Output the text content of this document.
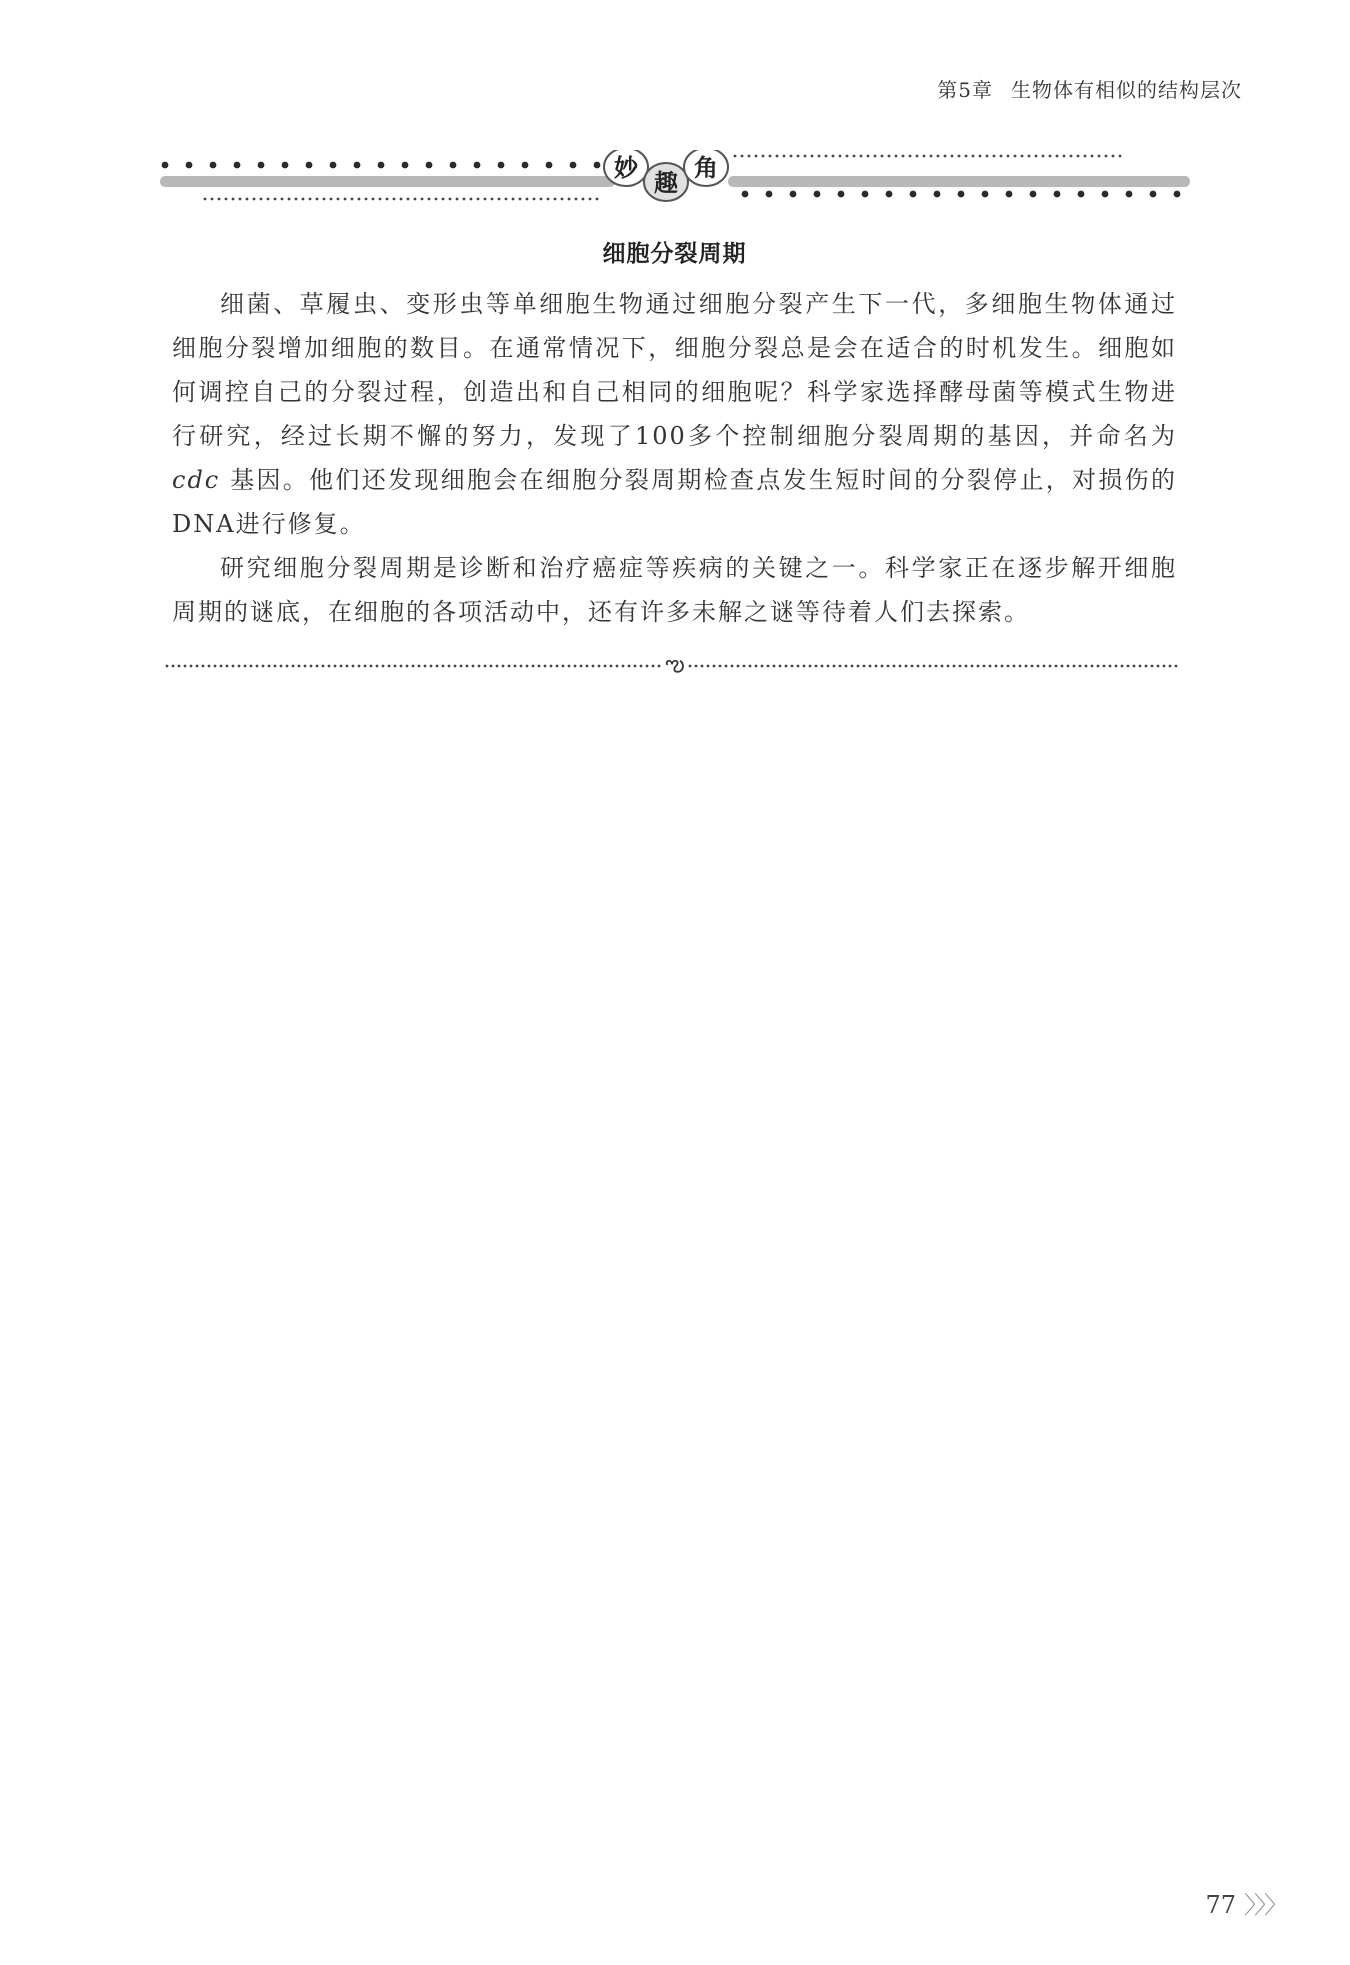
第5章 生物体有相似的结构层次
妙
趣
角
细胞分裂周期

细菌、草履虫、变形虫等单细胞生物通过细胞分裂产生下一代，多细胞生物体通过细胞分裂增加细胞的数目。在通常情况下，细胞分裂总是会在适合的时机发生。细胞如何调控自己的分裂过程，创造出和自己相同的细胞呢？科学家选择酵母菌等模式生物进行研究，经过长期不懈的努力，发现了100多个控制细胞分裂周期的基因，并命名为 cdc 基因。他们还发现细胞会在细胞分裂周期检查点发生短时间的分裂停止，对损伤的DNA进行修复。

研究细胞分裂周期是诊断和治疗癌症等疾病的关键之一。科学家正在逐步解开细胞周期的谜底，在细胞的各项活动中，还有许多未解之谜等待着人们去探索。

ఌ
77 〉〉〉
